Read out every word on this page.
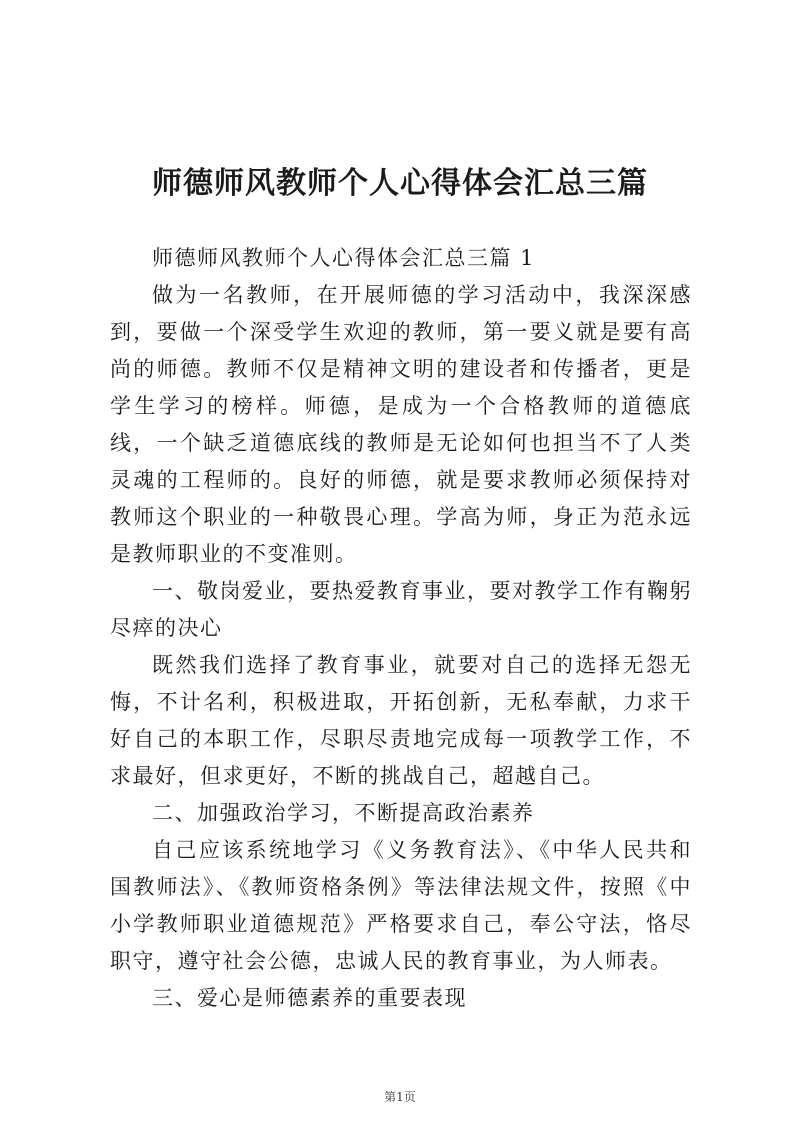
师德师风教师个人心得体会汇总三篇

师德师风教师个人心得体会汇总三篇 1

做为一名教师，在开展师德的学习活动中，我深深感到，要做一个深受学生欢迎的教师，第一要义就是要有高尚的师德。教师不仅是精神文明的建设者和传播者，更是学生学习的榜样。师德，是成为一个合格教师的道德底线，一个缺乏道德底线的教师是无论如何也担当不了人类灵魂的工程师的。良好的师德，就是要求教师必须保持对教师这个职业的一种敬畏心理。学高为师，身正为范永远是教师职业的不变准则。

一、敬岗爱业，要热爱教育事业，要对教学工作有鞠躬尽瘁的决心

既然我们选择了教育事业，就要对自己的选择无怨无悔，不计名利，积极进取，开拓创新，无私奉献，力求干好自己的本职工作，尽职尽责地完成每一项教学工作，不求最好，但求更好，不断的挑战自己，超越自己。

二、加强政治学习，不断提高政治素养

自己应该系统地学习《义务教育法》、《中华人民共和国教师法》、《教师资格条例》等法律法规文件，按照《中小学教师职业道德规范》严格要求自己，奉公守法，恪尽职守，遵守社会公德，忠诚人民的教育事业，为人师表。

三、爱心是师德素养的重要表现

第1页
